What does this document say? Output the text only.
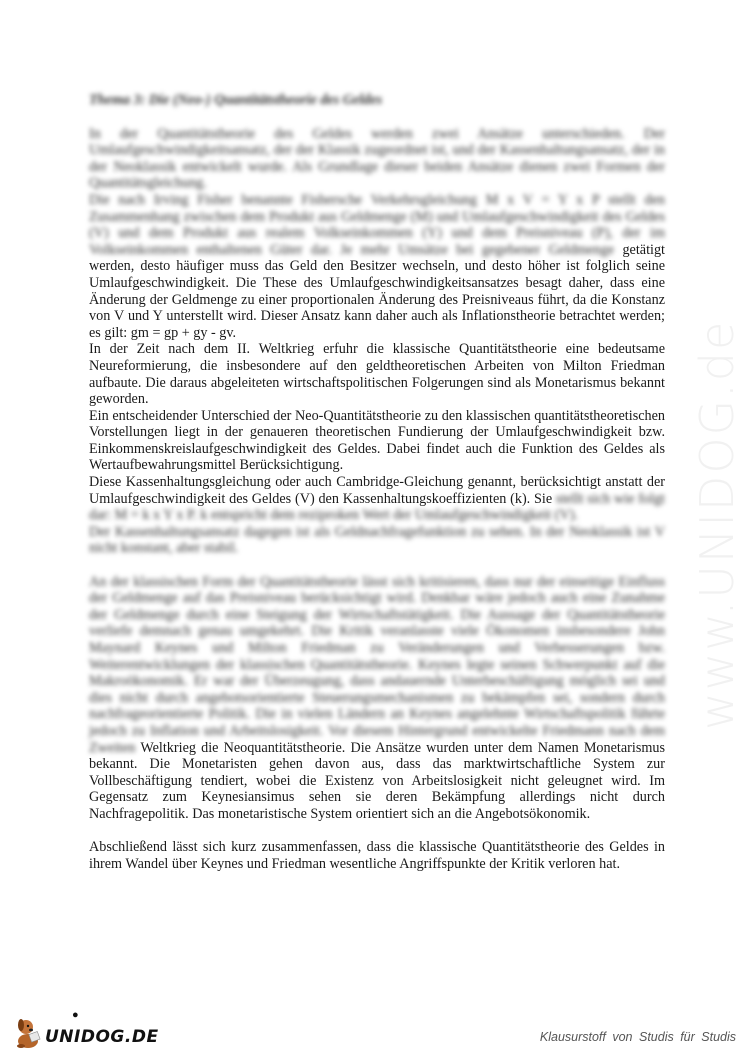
Thema 3: Die (Neo-) Quantitätstheorie des Geldes

In der Quantitätstheorie des Geldes werden zwei Ansätze unterschieden. Der Umlaufgeschwindigkeitsansatz, der der Klassik zugeordnet ist, und der Kassenhaltungsansatz, der in der Neoklassik entwickelt wurde. Als Grundlage dieser beiden Ansätze dienen zwei Formen der Quantitätsgleichung.

Die nach Irving Fisher benannte Fishersche Verkehrsgleichung M x V = Y x P stellt den Zusammenhang zwischen dem Produkt aus Geldmenge (M) und Umlaufgeschwindigkeit des Geldes (V) und dem Produkt aus realem Volkseinkommen (Y) und dem Preisniveau (P), der im Volkseinkommen enthaltenen Güter dar. Je mehr Umsätze bei gegebener Geldmenge getätigt werden, desto häufiger muss das Geld den Besitzer wechseln, und desto höher ist folglich seine Umlaufgeschwindigkeit. Die These des Umlaufgeschwindigkeitsansatzes besagt daher, dass eine Änderung der Geldmenge zu einer proportionalen Änderung des Preisniveaus führt, da die Konstanz von V und Y unterstellt wird. Dieser Ansatz kann daher auch als Inflationstheorie betrachtet werden; es gilt: gm = gp + gy - gv.

In der Zeit nach dem II. Weltkrieg erfuhr die klassische Quantitätstheorie eine bedeutsame Neureformierung, die insbesondere auf den geldtheoretischen Arbeiten von Milton Friedman aufbaute. Die daraus abgeleiteten wirtschaftspolitischen Folgerungen sind als Monetarismus bekannt geworden.

Ein entscheidender Unterschied der Neo-Quantitätstheorie zu den klassischen quantitätstheoretischen Vorstellungen liegt in der genaueren theoretischen Fundierung der Umlaufgeschwindigkeit bzw. Einkommenskreislaufgeschwindigkeit des Geldes. Dabei findet auch die Funktion des Geldes als Wertaufbewahrungsmittel Berücksichtigung.

Diese Kassenhaltungsgleichung oder auch Cambridge-Gleichung genannt, berücksichtigt anstatt der Umlaufgeschwindigkeit des Geldes (V) den Kassenhaltungskoeffizienten (k). Sie stellt sich wie folgt dar: M = k x Y x P. k entspricht dem reziproken Wert der Umlaufgeschwindigkeit (V).

Der Kassenhaltungsansatz dagegen ist als Geldnachfragefunktion zu sehen. In der Neoklassik ist V nicht konstant, aber stabil.

An der klassischen Form der Quantitätstheorie lässt sich kritisieren, dass nur der einseitige Einfluss der Geldmenge auf das Preisniveau berücksichtigt wird. Denkbar wäre jedoch auch eine Zunahme der Geldmenge durch eine Steigung der Wirtschaftstätigkeit. Die Aussage der Quantitätstheorie verliefe demnach genau umgekehrt. Die Kritik veranlasste viele Ökonomen insbesondere John Maynard Keynes und Milton Friedman zu Veränderungen und Verbesserungen bzw. Weiterentwicklungen der klassischen Quantitätstheorie. Keynes legte seinen Schwerpunkt auf die Makroökonomik. Er war der Überzeugung, dass andauernde Unterbeschäftigung möglich sei und dies nicht durch angebotsorientierte Steuerungsmechanismen zu bekämpfen sei, sondern durch nachfrageorientierte Politik. Die in vielen Ländern an Keynes angelehnte Wirtschaftspolitik führte jedoch zu Inflation und Arbeitslosigkeit. Vor diesem Hintergrund entwickelte Friedmann nach dem Zweiten Weltkrieg die Neoquantitätstheorie. Die Ansätze wurden unter dem Namen Monetarismus bekannt. Die Monetaristen gehen davon aus, dass das marktwirtschaftliche System zur Vollbeschäftigung tendiert, wobei die Existenz von Arbeitslosigkeit nicht geleugnet wird. Im Gegensatz zum Keynesiansimus sehen sie deren Bekämpfung allerdings nicht durch Nachfragepolitik. Das monetaristische System orientiert sich an die Angebotsökonomik.

Abschließend lässt sich kurz zusammenfassen, dass die klassische Quantitätstheorie des Geldes in ihrem Wandel über Keynes und Friedman wesentliche Angriffspunkte der Kritik verloren hat.

www.UNIDOG.de
●
UNIDOG.DE	Klausurstoff von Studis für Studis
